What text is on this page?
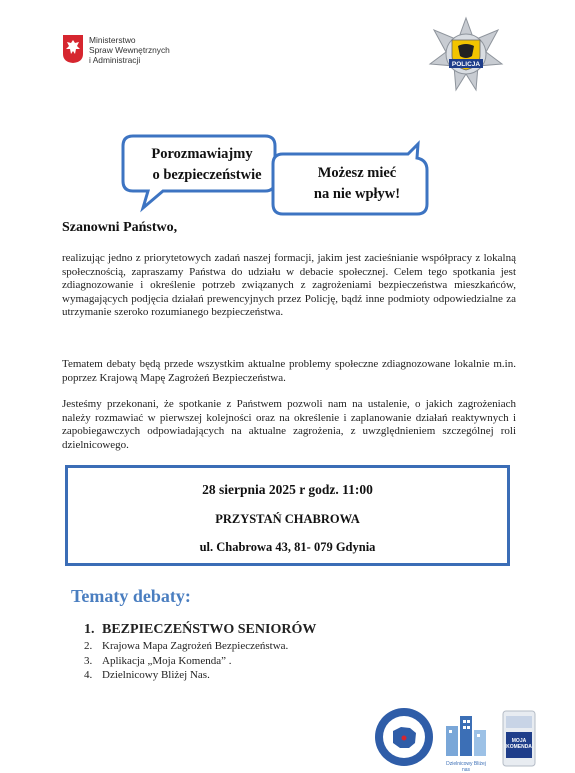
Ministerstwo
Spraw Wewnętrznych
i Administracji	POLICJA
Porozmawiajmy
o bezpieczeństwie	Możesz mieć
na nie wpływ!
Szanowni Państwo,
realizując jedno z priorytetowych zadań naszej formacji, jakim jest zacieśnianie współpracy z lokalną społecznością, zapraszamy Państwa do udziału w debacie społecznej. Celem tego spotkania jest zdiagnozowanie i określenie potrzeb związanych z zagrożeniami bezpieczeństwa mieszkańców, wymagających podjęcia działań prewencyjnych przez Policję, bądź inne podmioty odpowiedzialne za utrzymanie szeroko rozumianego bezpieczeństwa.
Tematem debaty będą przede wszystkim aktualne problemy społeczne zdiagnozowane lokalnie m.in. poprzez Krajową Mapę Zagrożeń Bezpieczeństwa.
Jesteśmy przekonani, że spotkanie z Państwem pozwoli nam na ustalenie, o jakich zagrożeniach należy rozmawiać w pierwszej kolejności oraz na określenie i zaplanowanie działań reaktywnych i zapobiegawczych odpowiadających na aktualne zagrożenia, z uwzględnieniem szczególnej roli dzielnicowego.
28 sierpnia 2025 r godz. 11:00
PRZYSTAŃ CHABROWA
ul. Chabrowa 43, 81- 079 Gdynia
Tematy debaty:
1. BEZPIECZEŃSTWO SENIORÓW
2. Krajowa Mapa Zagrożeń Bezpieczeństwa.
3. Aplikacja „Moja Komenda” .
4. Dzielnicowy Bliżej Nas.
Dzielnicowy Bliżej nas
MOJA
KOMENDA
